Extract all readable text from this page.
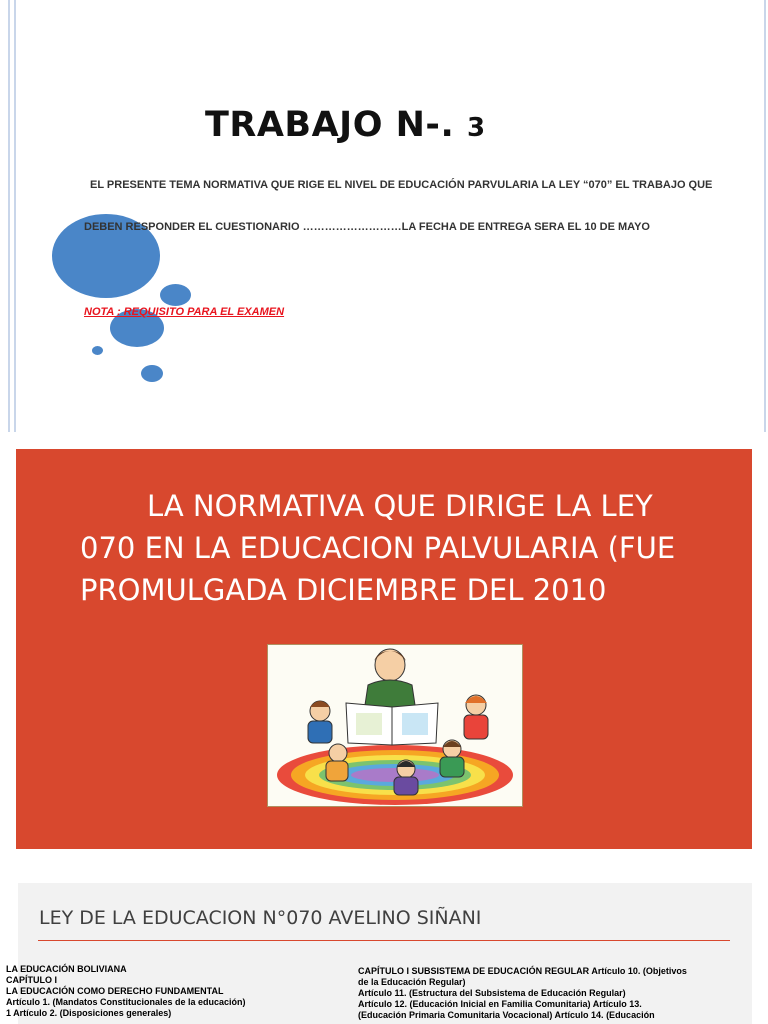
TRABAJO N-. 3
EL PRESENTE TEMA NORMATIVA QUE RIGE EL NIVEL DE EDUCACIÓN PARVULARIA LA LEY “070” EL TRABAJO QUE
DEBEN RESPONDER EL CUESTIONARIO ………………………LA FECHA DE ENTREGA SERA EL 10 DE MAYO
NOTA : REQUISITO PARA EL EXAMEN
LA NORMATIVA QUE DIRIGE LA LEY
070 EN LA EDUCACION PALVULARIA (FUE
PROMULGADA DICIEMBRE DEL 2010
LEY DE LA EDUCACION N°070 AVELINO SIÑANI
LA EDUCACIÓN BOLIVIANA
CAPÍTULO I
LA EDUCACIÓN COMO DERECHO FUNDAMENTAL
Artículo 1. (Mandatos Constitucionales de la educación)
1 Artículo 2. (Disposiciones generales)
CAPÍTULO I SUBSISTEMA DE EDUCACIÓN REGULAR Artículo 10. (Objetivos
de la Educación Regular)
Artículo 11. (Estructura del Subsistema de Educación Regular)
Artículo 12. (Educación Inicial en Familia Comunitaria) Artículo 13.
(Educación Primaria Comunitaria Vocacional) Artículo 14. (Educación
